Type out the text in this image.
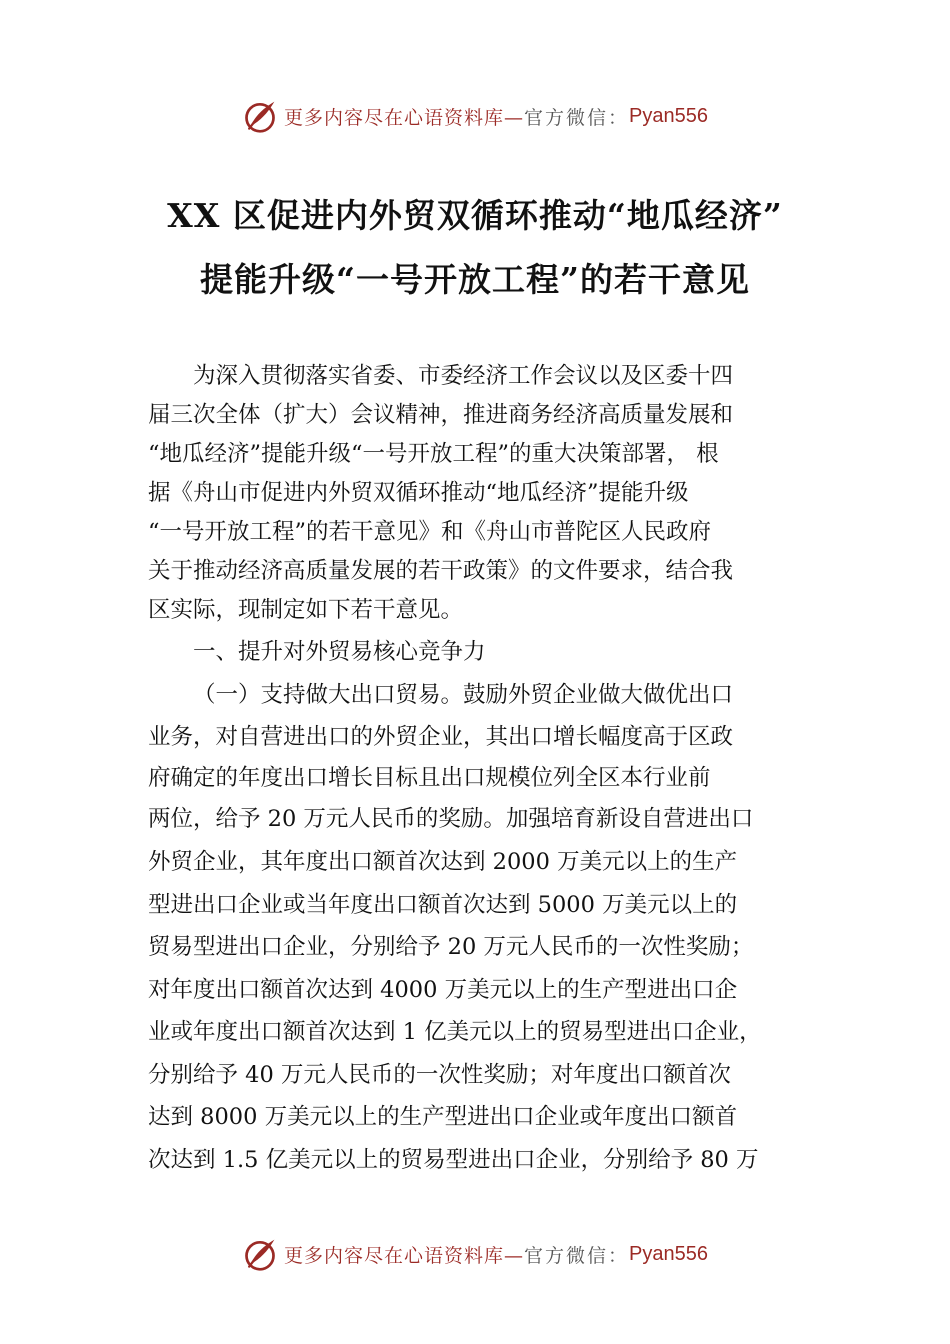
更多内容尽在心语资料库— 官方微信： Pyan556
XX 区促进内外贸双循环推动“地瓜经济”
提能升级“一号开放工程”的若干意见
为深入贯彻落实省委、市委经济工作会议以及区委十四
届三次全体（扩大）会议精神，推进商务经济高质量发展和
“地瓜经济”提能升级“一号开放工程”的重大决策部署， 根
据《舟山市促进内外贸双循环推动“地瓜经济”提能升级
“一号开放工程”的若干意见》和《舟山市普陀区人民政府
关于推动经济高质量发展的若干政策》的文件要求，结合我
区实际，现制定如下若干意见。
一、提升对外贸易核心竞争力
（一）支持做大出口贸易。鼓励外贸企业做大做优出口
业务，对自营进出口的外贸企业，其出口增长幅度高于区政
府确定的年度出口增长目标且出口规模位列全区本行业前
两位，给予 20 万元人民币的奖励。加强培育新设自营进出口
外贸企业，其年度出口额首次达到 2000 万美元以上的生产
型进出口企业或当年度出口额首次达到 5000 万美元以上的
贸易型进出口企业，分别给予 20 万元人民币的一次性奖励；
对年度出口额首次达到 4000 万美元以上的生产型进出口企
业或年度出口额首次达到 1 亿美元以上的贸易型进出口企业，
分别给予 40 万元人民币的一次性奖励；对年度出口额首次
达到 8000 万美元以上的生产型进出口企业或年度出口额首
次达到 1.5 亿美元以上的贸易型进出口企业，分别给予 80 万
更多内容尽在心语资料库— 官方微信： Pyan556
